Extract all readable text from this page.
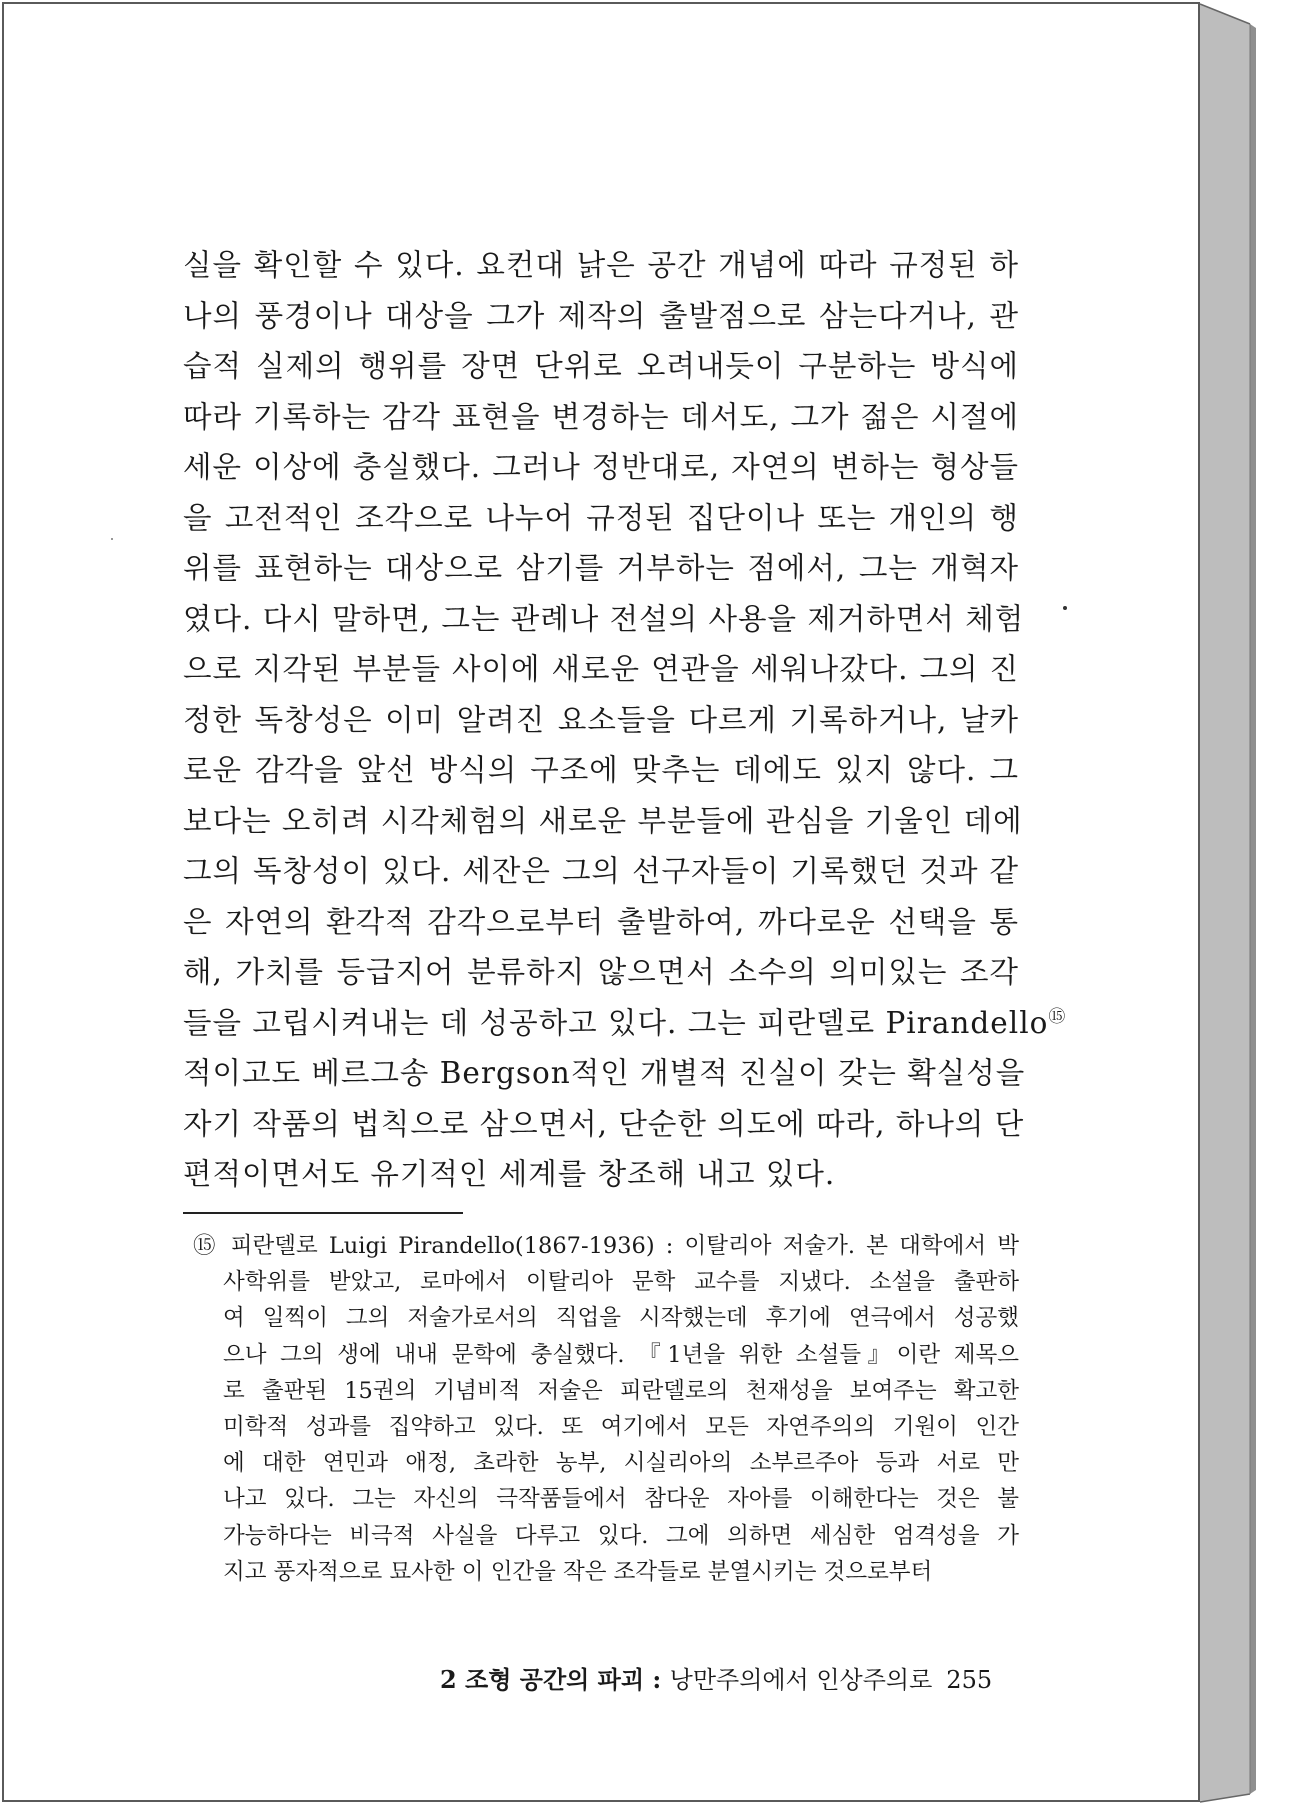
실을 확인할 수 있다. 요컨대 낡은 공간 개념에 따라 규정된 하
나의 풍경이나 대상을 그가 제작의 출발점으로 삼는다거나, 관
습적 실제의 행위를 장면 단위로 오려내듯이 구분하는 방식에
따라 기록하는 감각 표현을 변경하는 데서도, 그가 젊은 시절에
세운 이상에 충실했다. 그러나 정반대로, 자연의 변하는 형상들
을 고전적인 조각으로 나누어 규정된 집단이나 또는 개인의 행
위를 표현하는 대상으로 삼기를 거부하는 점에서, 그는 개혁자
였다. 다시 말하면, 그는 관례나 전설의 사용을 제거하면서 체험
으로 지각된 부분들 사이에 새로운 연관을 세워나갔다. 그의 진
정한 독창성은 이미 알려진 요소들을 다르게 기록하거나, 날카
로운 감각을 앞선 방식의 구조에 맞추는 데에도 있지 않다. 그
보다는 오히려 시각체험의 새로운 부분들에 관심을 기울인 데에
그의 독창성이 있다. 세잔은 그의 선구자들이 기록했던 것과 같
은 자연의 환각적 감각으로부터 출발하여, 까다로운 선택을 통
해, 가치를 등급지어 분류하지 않으면서 소수의 의미있는 조각
들을 고립시켜내는 데 성공하고 있다. 그는 피란델로 Pirandello⑮
적이고도 베르그송 Bergson적인 개별적 진실이 갖는 확실성을
자기 작품의 법칙으로 삼으면서, 단순한 의도에 따라, 하나의 단
편적이면서도 유기적인 세계를 창조해 내고 있다.
⑮ 피란델로 Luigi Pirandello(1867-1936) : 이탈리아 저술가. 본 대학에서 박
사학위를 받았고, 로마에서 이탈리아 문학 교수를 지냈다. 소설을 출판하
여 일찍이 그의 저술가로서의 직업을 시작했는데 후기에 연극에서 성공했
으나 그의 생에 내내 문학에 충실했다. 『1년을 위한 소설들』이란 제목으
로 출판된 15권의 기념비적 저술은 피란델로의 천재성을 보여주는 확고한
미학적 성과를 집약하고 있다. 또 여기에서 모든 자연주의의 기원이 인간
에 대한 연민과 애정, 초라한 농부, 시실리아의 소부르주아 등과 서로 만
나고 있다. 그는 자신의 극작품들에서 참다운 자아를 이해한다는 것은 불
가능하다는 비극적 사실을 다루고 있다. 그에 의하면 세심한 엄격성을 가
지고 풍자적으로 묘사한 이 인간을 작은 조각들로 분열시키는 것으로부터
2 조형 공간의 파괴 : 낭만주의에서 인상주의로 255
